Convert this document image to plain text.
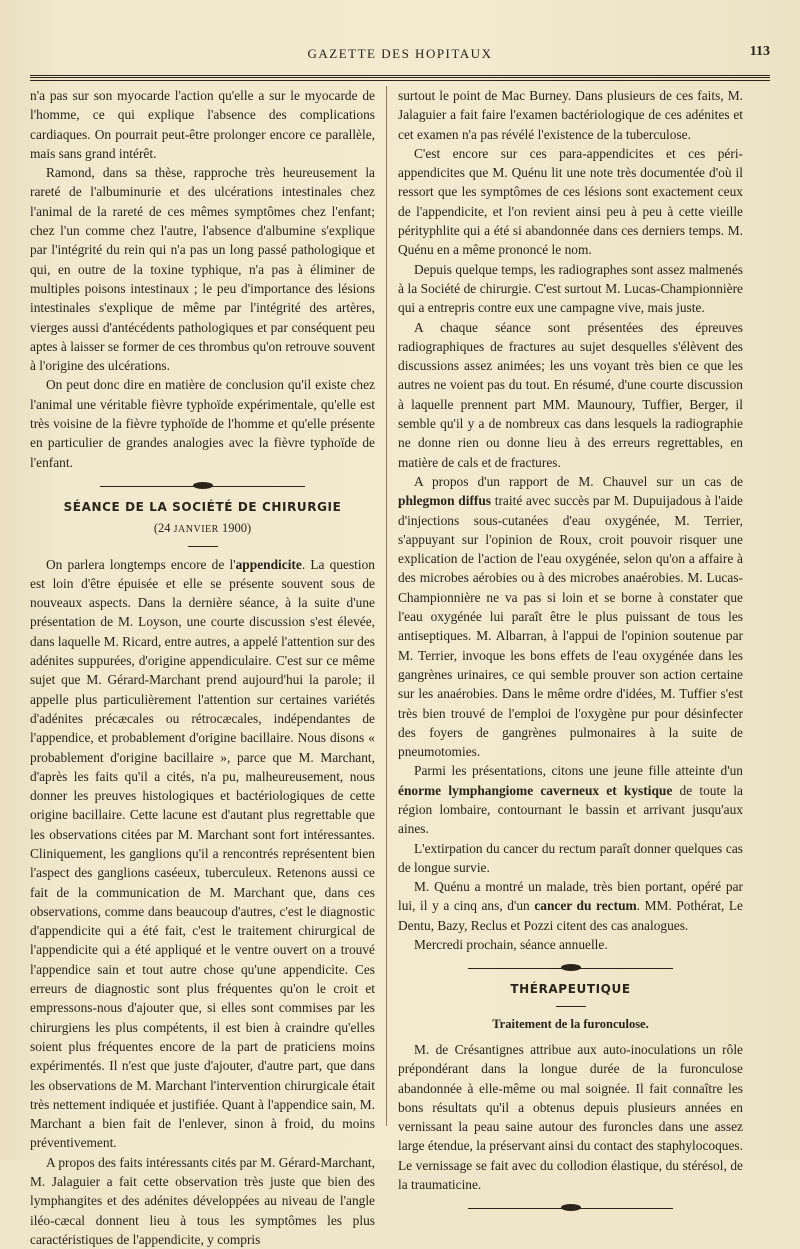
GAZETTE DES HOPITAUX	113

n'a pas sur son myocarde l'action qu'elle a sur le myocarde de l'homme, ce qui explique l'absence des complications cardiaques. On pourrait peut-être prolonger encore ce parallèle, mais sans grand intérêt.

Ramond, dans sa thèse, rapproche très heureusement la rareté de l'albuminurie et des ulcérations intestinales chez l'animal de la rareté de ces mêmes symptômes chez l'enfant; chez l'un comme chez l'autre, l'absence d'albumine s'explique par l'intégrité du rein qui n'a pas un long passé pathologique et qui, en outre de la toxine typhique, n'a pas à éliminer de multiples poisons intestinaux ; le peu d'importance des lésions intestinales s'explique de même par l'intégrité des artères, vierges aussi d'antécédents pathologiques et par conséquent peu aptes à laisser se former de ces thrombus qu'on retrouve souvent à l'origine des ulcérations.

On peut donc dire en matière de conclusion qu'il existe chez l'animal une véritable fièvre typhoïde expérimentale, qu'elle est très voisine de la fièvre typhoïde de l'homme et qu'elle présente en particulier de grandes analogies avec la fièvre typhoïde de l'enfant.

SÉANCE DE LA SOCIÉTÉ DE CHIRURGIE
(24 JANVIER 1900)

On parlera longtemps encore de l'appendicite. La question est loin d'être épuisée et elle se présente souvent sous de nouveaux aspects. Dans la dernière séance, à la suite d'une présentation de M. Loyson, une courte discussion s'est élevée, dans laquelle M. Ricard, entre autres, a appelé l'attention sur des adénites suppurées, d'origine appendiculaire. C'est sur ce même sujet que M. Gérard-Marchant prend aujourd'hui la parole; il appelle plus particulièrement l'attention sur certaines variétés d'adénites précæcales ou rétrocæcales, indépendantes de l'appendice, et probablement d'origine bacillaire. Nous disons « probablement d'origine bacillaire », parce que M. Marchant, d'après les faits qu'il a cités, n'a pu, malheureusement, nous donner les preuves histologiques et bactériologiques de cette origine bacillaire. Cette lacune est d'autant plus regrettable que les observations citées par M. Marchant sont fort intéressantes. Cliniquement, les ganglions qu'il a rencontrés représentent bien l'aspect des ganglions caséeux, tuberculeux. Retenons aussi ce fait de la communication de M. Marchant que, dans ces observations, comme dans beaucoup d'autres, c'est le diagnostic d'appendicite qui a été fait, c'est le traitement chirurgical de l'appendicite qui a été appliqué et le ventre ouvert on a trouvé l'appendice sain et tout autre chose qu'une appendicite. Ces erreurs de diagnostic sont plus fréquentes qu'on le croit et empressons-nous d'ajouter que, si elles sont commises par les chirurgiens les plus compétents, il est bien à craindre qu'elles soient plus fréquentes encore de la part de praticiens moins expérimentés. Il n'est que juste d'ajouter, d'autre part, que dans les observations de M. Marchant l'intervention chirurgicale était très nettement indiquée et justifiée. Quant à l'appendice sain, M. Marchant a bien fait de l'enlever, sinon à froid, du moins préventivement.

A propos des faits intéressants cités par M. Gérard-Marchant, M. Jalaguier a fait cette observation très juste que bien des lymphangites et des adénites développées au niveau de l'angle iléo-cæcal donnent lieu à tous les symptômes les plus caractéristiques de l'appendicite, y compris

surtout le point de Mac Burney. Dans plusieurs de ces faits, M. Jalaguier a fait faire l'examen bactériologique de ces adénites et cet examen n'a pas révélé l'existence de la tuberculose.

C'est encore sur ces para-appendicites et ces péri-appendicites que M. Quénu lit une note très documentée d'où il ressort que les symptômes de ces lésions sont exactement ceux de l'appendicite, et l'on revient ainsi peu à peu à cette vieille pérityphlite qui a été si abandonnée dans ces derniers temps. M. Quénu en a même prononcé le nom.

Depuis quelque temps, les radiographes sont assez malmenés à la Société de chirurgie. C'est surtout M. Lucas-Championnière qui a entrepris contre eux une campagne vive, mais juste.

A chaque séance sont présentées des épreuves radiographiques de fractures au sujet desquelles s'élèvent des discussions assez animées; les uns voyant très bien ce que les autres ne voient pas du tout. En résumé, d'une courte discussion à laquelle prennent part MM. Maunoury, Tuffier, Berger, il semble qu'il y a de nombreux cas dans lesquels la radiographie ne donne rien ou donne lieu à des erreurs regrettables, en matière de cals et de fractures.

A propos d'un rapport de M. Chauvel sur un cas de phlegmon diffus traité avec succès par M. Dupuijadous à l'aide d'injections sous-cutanées d'eau oxygénée, M. Terrier, s'appuyant sur l'opinion de Roux, croit pouvoir risquer une explication de l'action de l'eau oxygénée, selon qu'on a affaire à des microbes aérobies ou à des microbes anaérobies. M. Lucas-Championnière ne va pas si loin et se borne à constater que l'eau oxygénée lui paraît être le plus puissant de tous les antiseptiques. M. Albarran, à l'appui de l'opinion soutenue par M. Terrier, invoque les bons effets de l'eau oxygénée dans les gangrènes urinaires, ce qui semble prouver son action certaine sur les anaérobies. Dans le même ordre d'idées, M. Tuffier s'est très bien trouvé de l'emploi de l'oxygène pur pour désinfecter des foyers de gangrènes pulmonaires à la suite de pneumotomies.

Parmi les présentations, citons une jeune fille atteinte d'un énorme lymphangiome caverneux et kystique de toute la région lombaire, contournant le bassin et arrivant jusqu'aux aines.

L'extirpation du cancer du rectum paraît donner quelques cas de longue survie.

M. Quénu a montré un malade, très bien portant, opéré par lui, il y a cinq ans, d'un cancer du rectum. MM. Pothérat, Le Dentu, Bazy, Reclus et Pozzi citent des cas analogues.

Mercredi prochain, séance annuelle.

THÉRAPEUTIQUE
Traitement de la furonculose.

M. de Crésantignes attribue aux auto-inoculations un rôle prépondérant dans la longue durée de la furonculose abandonnée à elle-même ou mal soignée. Il fait connaître les bons résultats qu'il a obtenus depuis plusieurs années en vernissant la peau saine autour des furoncles dans une assez large étendue, la préservant ainsi du contact des staphylocoques. Le vernissage se fait avec du collodion élastique, du stérésol, de la traumaticine.
